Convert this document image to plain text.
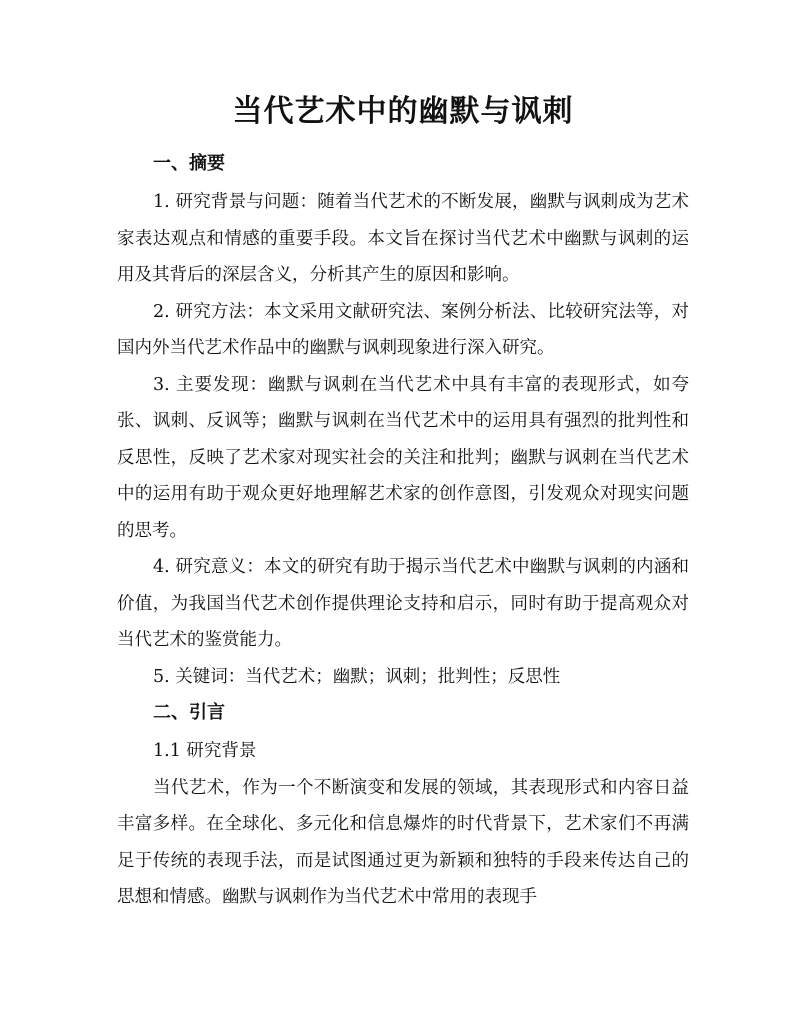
当代艺术中的幽默与讽刺
一、摘要

1. 研究背景与问题：随着当代艺术的不断发展，幽默与讽刺成为艺术家表达观点和情感的重要手段。本文旨在探讨当代艺术中幽默与讽刺的运用及其背后的深层含义，分析其产生的原因和影响。

2. 研究方法：本文采用文献研究法、案例分析法、比较研究法等，对国内外当代艺术作品中的幽默与讽刺现象进行深入研究。

3. 主要发现：幽默与讽刺在当代艺术中具有丰富的表现形式，如夸张、讽刺、反讽等；幽默与讽刺在当代艺术中的运用具有强烈的批判性和反思性，反映了艺术家对现实社会的关注和批判；幽默与讽刺在当代艺术中的运用有助于观众更好地理解艺术家的创作意图，引发观众对现实问题的思考。

4. 研究意义：本文的研究有助于揭示当代艺术中幽默与讽刺的内涵和价值，为我国当代艺术创作提供理论支持和启示，同时有助于提高观众对当代艺术的鉴赏能力。

5. 关键词：当代艺术；幽默；讽刺；批判性；反思性

二、引言
1.1 研究背景

当代艺术，作为一个不断演变和发展的领域，其表现形式和内容日益丰富多样。在全球化、多元化和信息爆炸的时代背景下，艺术家们不再满足于传统的表现手法，而是试图通过更为新颖和独特的手段来传达自己的思想和情感。幽默与讽刺作为当代艺术中常用的表现手
